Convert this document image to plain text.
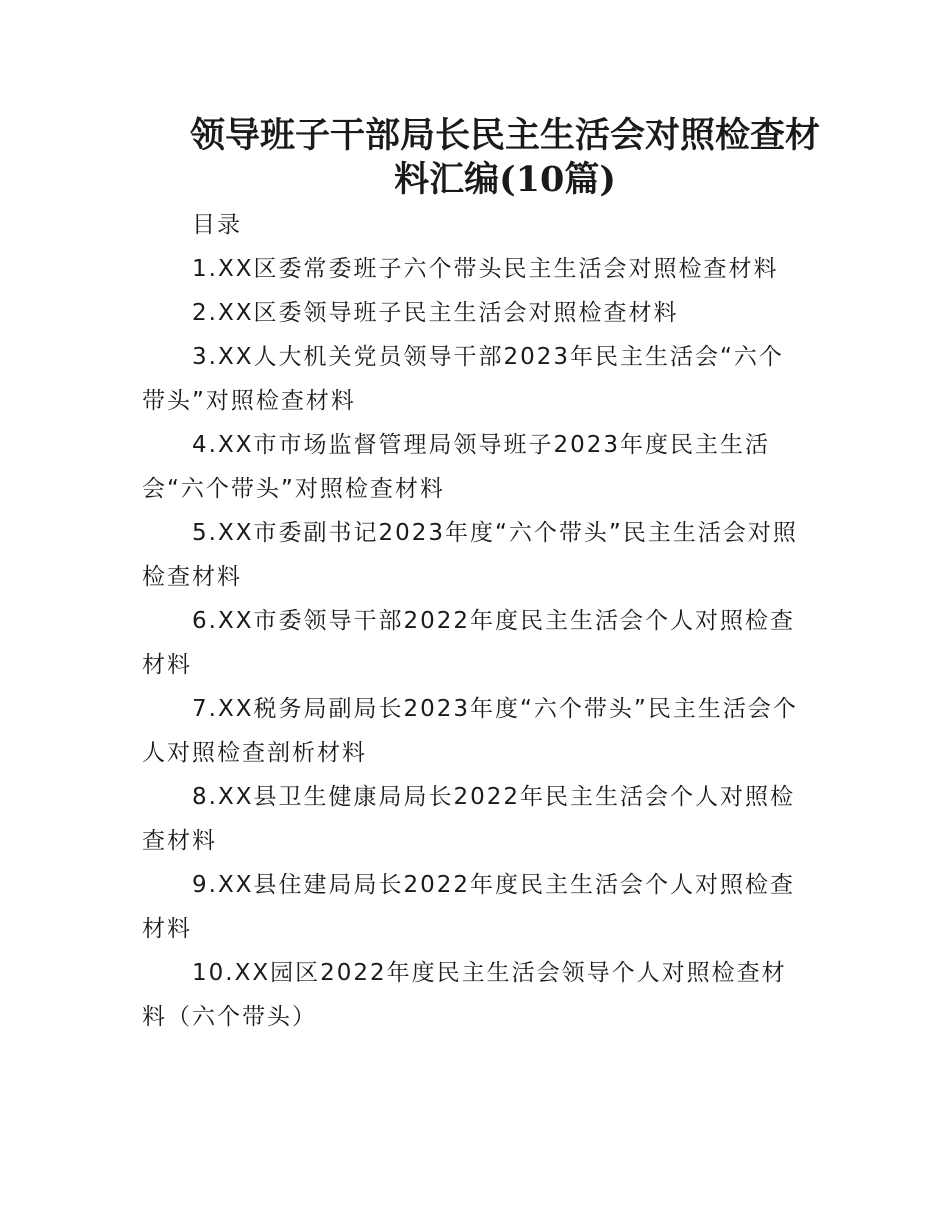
领导班子干部局长民主生活会对照检查材料汇编(10篇)

目录

1.XX区委常委班子六个带头民主生活会对照检查材料
2.XX区委领导班子民主生活会对照检查材料
3.XX人大机关党员领导干部2023年民主生活会“六个带头”对照检查材料
4.XX市市场监督管理局领导班子2023年度民主生活会“六个带头”对照检查材料
5.XX市委副书记2023年度“六个带头”民主生活会对照检查材料
6.XX市委领导干部2022年度民主生活会个人对照检查材料
7.XX税务局副局长2023年度“六个带头”民主生活会个人对照检查剖析材料
8.XX县卫生健康局局长2022年民主生活会个人对照检查材料
9.XX县住建局局长2022年度民主生活会个人对照检查材料
10.XX园区2022年度民主生活会领导个人对照检查材料（六个带头）
